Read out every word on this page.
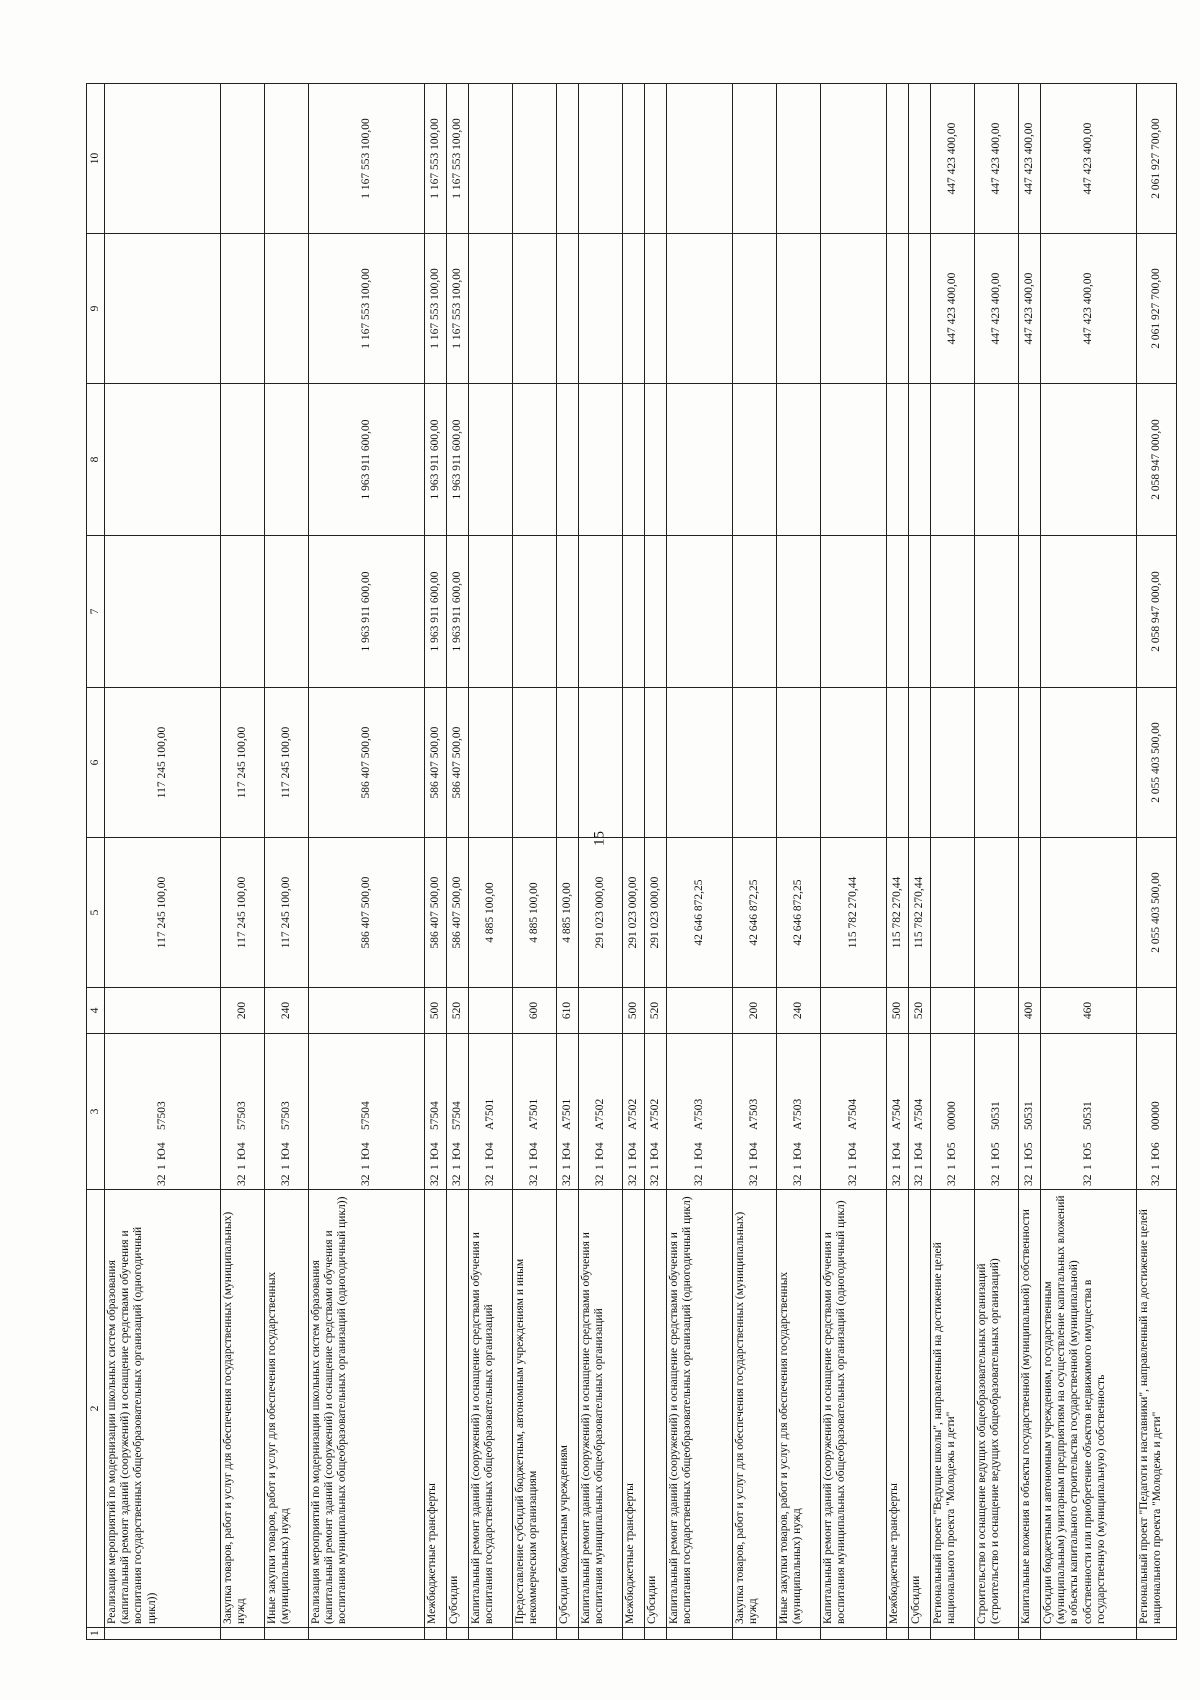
15
1	2	3	4	5	6	7	8	9	10
	Реализация мероприятий по модернизации школьных систем образования (капитальный ремонт зданий (сооружений) и оснащение средствами обучения и воспитания государственных общеобразовательных организаций (одногодичный цикл))	321Ю457503		117 245 100,00	117 245 100,00				
	Закупка товаров, работ и услуг для обеспечения государственных (муниципальных) нужд	321Ю457503	200	117 245 100,00	117 245 100,00				
	Иные закупки товаров, работ и услуг для обеспечения государственных (муниципальных) нужд	321Ю457503	240	117 245 100,00	117 245 100,00				
	Реализация мероприятий по модернизации школьных систем образования (капитальный ремонт зданий (сооружений) и оснащение средствами обучения и воспитания муниципальных общеобразовательных организаций (одногодичный цикл))	321Ю457504		586 407 500,00	586 407 500,00	1 963 911 600,00	1 963 911 600,00	1 167 553 100,00	1 167 553 100,00
	Межбюджетные трансферты	321Ю457504	500	586 407 500,00	586 407 500,00	1 963 911 600,00	1 963 911 600,00	1 167 553 100,00	1 167 553 100,00
	Субсидии	321Ю457504	520	586 407 500,00	586 407 500,00	1 963 911 600,00	1 963 911 600,00	1 167 553 100,00	1 167 553 100,00
	Капитальный ремонт зданий (сооружений) и оснащение средствами обучения и воспитания государственных общеобразовательных организаций	321Ю4А7501		4 885 100,00					
	Предоставление субсидий бюджетным, автономным учреждениям и иным некоммерческим организациям	321Ю4А7501	600	4 885 100,00					
	Субсидии бюджетным учреждениям	321Ю4А7501	610	4 885 100,00					
	Капитальный ремонт зданий (сооружений) и оснащение средствами обучения и воспитания муниципальных общеобразовательных организаций	321Ю4А7502		291 023 000,00					
	Межбюджетные трансферты	321Ю4А7502	500	291 023 000,00					
	Субсидии	321Ю4А7502	520	291 023 000,00					
	Капитальный ремонт зданий (сооружений) и оснащение средствами обучения и воспитания государственных общеобразовательных организаций (одногодичный цикл)	321Ю4А7503		42 646 872,25					
	Закупка товаров, работ и услуг для обеспечения государственных (муниципальных) нужд	321Ю4А7503	200	42 646 872,25					
	Иные закупки товаров, работ и услуг для обеспечения государственных (муниципальных) нужд	321Ю4А7503	240	42 646 872,25					
	Капитальный ремонт зданий (сооружений) и оснащение средствами обучения и воспитания муниципальных общеобразовательных организаций (одногодичный цикл)	321Ю4А7504		115 782 270,44					
	Межбюджетные трансферты	321Ю4А7504	500	115 782 270,44					
	Субсидии	321Ю4А7504	520	115 782 270,44					
	Региональный проект "Ведущие школы", направленный на достижение целей национального проекта "Молодежь и дети"	321Ю500000						447 423 400,00	447 423 400,00
	Строительство и оснащение ведущих общеобразовательных организаций (строительство и оснащение ведущих общеобразовательных организаций)	321Ю550531						447 423 400,00	447 423 400,00
	Капитальные вложения в объекты государственной (муниципальной) собственности	321Ю550531	400					447 423 400,00	447 423 400,00
	Субсидии бюджетным и автономным учреждениям, государственным (муниципальным) унитарным предприятиям на осуществление капитальных вложений в объекты капитального строительства государственной (муниципальной) собственности или приобретение объектов недвижимого имущества в государственную (муниципальную) собственность	321Ю550531	460					447 423 400,00	447 423 400,00
	Региональный проект "Педагоги и наставники", направленный на достижение целей национального проекта "Молодежь и дети"	321Ю600000		2 055 403 500,00	2 055 403 500,00	2 058 947 000,00	2 058 947 000,00	2 061 927 700,00	2 061 927 700,00
